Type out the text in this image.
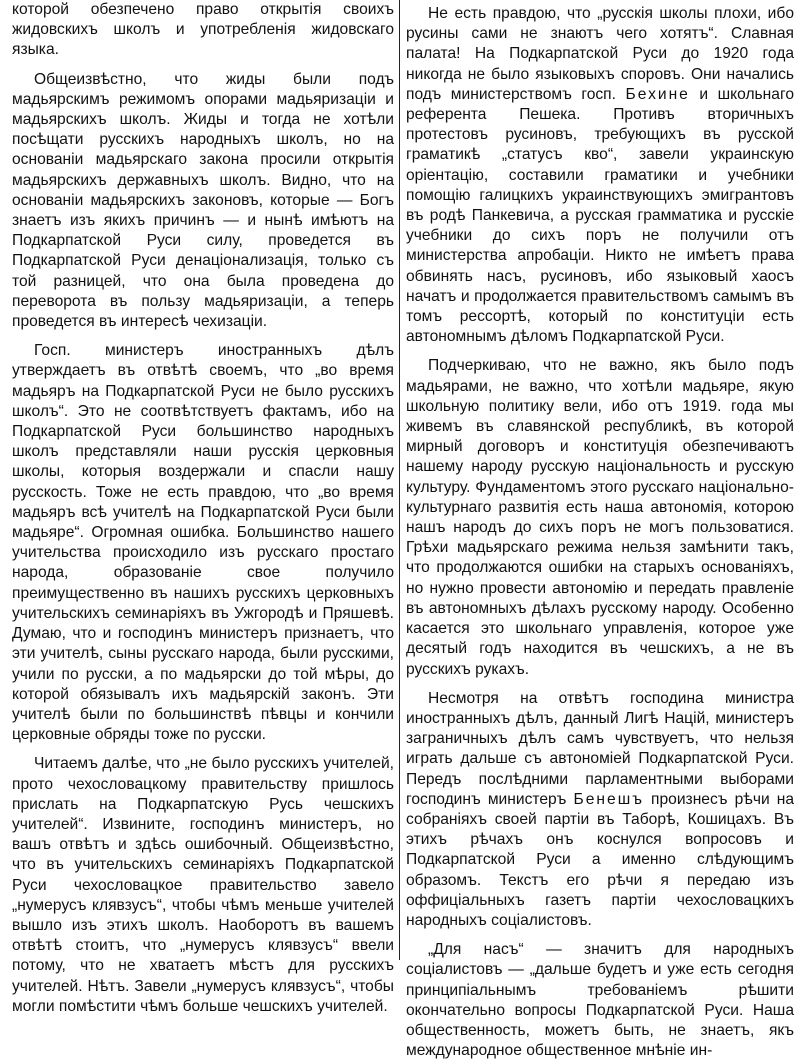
которой обезпечено право открытія своихъ жидовскихъ школъ и употребленія жидовскаго языка.

Общеизвѣстно, что жиды были подъ мадьярскимъ режимомъ опорами мадьяризаціи и мадьярскихъ школъ. Жиды и тогда не хотѣли посѣщати русскихъ народныхъ школъ, но на основаніи мадьярскаго закона просили открытія мадьярскихъ державныхъ школъ. Видно, что на основаніи мадьярскихъ законовъ, которые — Богъ знаетъ изъ якихъ причинъ — и нынѣ имѣютъ на Подкарпатской Руси силу, проведется въ Подкарпатской Руси денаціонализація, только съ той разницей, что она была проведена до переворота въ пользу мадьяризаціи, а теперь проведется въ интересѣ чехизаціи.

Госп. министеръ иностранныхъ дѣлъ утверждаетъ въ отвѣтѣ своемъ, что „во время мадьяръ на Подкарпатской Руси не было русскихъ школъ“. Это не соотвѣтствуетъ фактамъ, ибо на Подкарпатской Руси большинство народныхъ школъ представляли наши русскія церковныя школы, которыя воздержали и спасли нашу русскость. Тоже не есть правдою, что „во время мадьяръ всѣ учителѣ на Подкарпатской Руси были мадьяре“. Огромная ошибка. Большинство нашего учительства происходило изъ русскаго простаго народа, образованіе свое получило преимущественно въ нашихъ русскихъ церковныхъ учительскихъ семинаріяхъ въ Ужгородѣ и Пряшевѣ. Думаю, что и господинъ министеръ признаетъ, что эти учителѣ, сыны русскаго народа, были русскими, учили по русски, а по мадьярски до той мѣры, до которой обязывалъ ихъ мадьярскій законъ. Эти учителѣ были по большинствѣ пѣвцы и кончили церковные обряды тоже по русски.

Читаемъ далѣе, что „не было русскихъ учителей, прото чехословацкому правительству пришлось прислать на Подкарпатскую Русь чешскихъ учителей“. Извините, господинъ министеръ, но вашъ отвѣтъ и здѣсь ошибочный. Общеизвѣстно, что въ учительскихъ семинаріяхъ Подкарпатской Руси чехословацкое правительство завело „нумерусъ клявзусъ“, чтобы чѣмъ меньше учителей вышло изъ этихъ школъ. Наоборотъ въ вашемъ отвѣтѣ стоитъ, что „нумерусъ клявзусъ“ ввели потому, что не хватаетъ мѣстъ для русскихъ учителей. Нѣтъ. Завели „нумерусъ клявзусъ“, чтобы могли помѣстити чѣмъ больше чешскихъ учителей.

Не есть правдою, что „русскія школы плохи, ибо русины сами не знаютъ чего хотятъ“. Славная палата! На Подкарпатской Руси до 1920 года никогда не было языковыхъ споровъ. Они начались подъ министерствомъ госп. Бехине и школьнаго референта Пешека. Противъ вторичныхъ протестовъ русиновъ, требующихъ въ русской граматикѣ „статусъ кво“, завели украинскую оріентацію, составили граматики и учебники помощію галицкихъ украинствующихъ эмигрантовъ въ родѣ Панкевича, а русская грамматика и русскіе учебники до сихъ поръ не получили отъ министерства апробаціи. Никто не имѣетъ права обвинять насъ, русиновъ, ибо языковый хаосъ начатъ и продолжается правительствомъ самымъ въ томъ рессортѣ, который по конституціи есть автономнымъ дѣломъ Подкарпатской Руси.

Подчеркиваю, что не важно, якъ было подъ мадьярами, не важно, что хотѣли мадьяре, якую школьную политику вели, ибо отъ 1919. года мы живемъ въ славянской республикѣ, въ которой мирный договоръ и конституція обезпечиваютъ нашему народу русскую національность и русскую культуру. Фундаментомъ этого русскаго національно-культурнаго развитія есть наша автономія, которою нашъ народъ до сихъ поръ не могъ пользоватися. Грѣхи мадьярскаго режима нельзя замѣнити такъ, что продолжаются ошибки на старыхъ основаніяхъ, но нужно провести автономію и передать правленіе въ автономныхъ дѣлахъ русскому народу. Особенно касается это школьнаго управленія, которое уже десятый годъ находится въ чешскихъ, а не въ русскихъ рукахъ.

Несмотря на отвѣтъ господина министра иностранныхъ дѣлъ, данный Лигѣ Націй, министеръ заграничныхъ дѣлъ самъ чувствуетъ, что нельзя играть дальше съ автономіей Подкарпатской Руси. Передъ послѣдними парламентными выборами господинъ министеръ Бенешъ произнесъ рѣчи на собраніяхъ своей партіи въ Таборѣ, Кошицахъ. Въ этихъ рѣчахъ онъ коснулся вопросовъ и Подкарпатской Руси а именно слѣдующимъ образомъ. Текстъ его рѣчи я передаю изъ оффиціальныхъ газетъ партіи чехословацкихъ народныхъ соціалистовъ.

„Для насъ“ — значитъ для народныхъ соціалистовъ — „дальше будетъ и уже есть сегодня принципіальнымъ требованіемъ рѣшити окончательно вопросы Подкарпатской Руси. Наша общественность, можетъ быть, не знаетъ, якъ международное общественное мнѣніе ин-
